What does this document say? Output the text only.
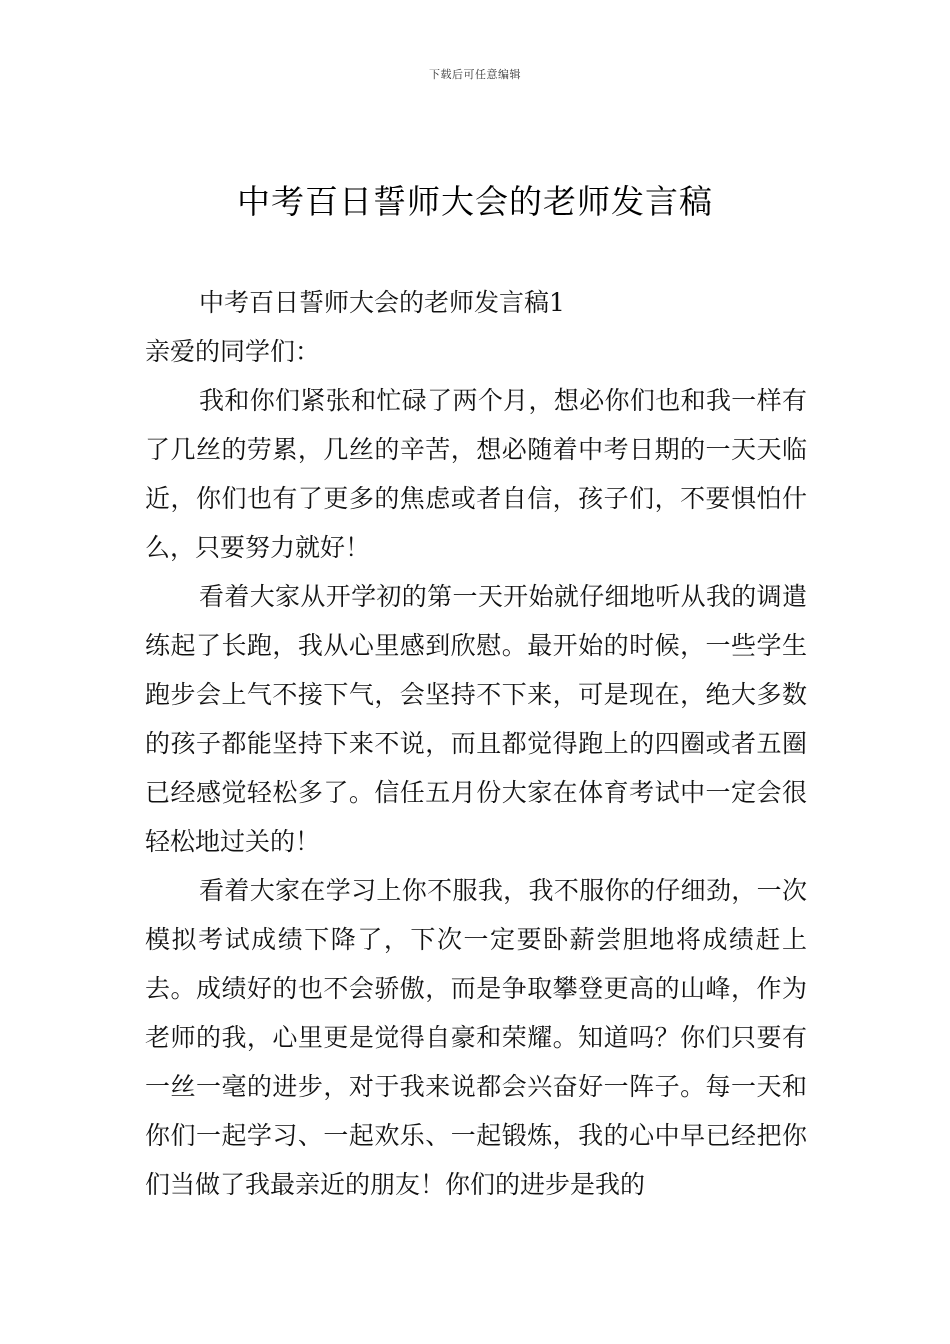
下载后可任意编辑
中考百日誓师大会的老师发言稿

中考百日誓师大会的老师发言稿1

亲爱的同学们：

我和你们紧张和忙碌了两个月，想必你们也和我一样有了几丝的劳累，几丝的辛苦，想必随着中考日期的一天天临近，你们也有了更多的焦虑或者自信，孩子们，不要惧怕什么，只要努力就好！

看着大家从开学初的第一天开始就仔细地听从我的调遣练起了长跑，我从心里感到欣慰。最开始的时候，一些学生跑步会上气不接下气，会坚持不下来，可是现在，绝大多数的孩子都能坚持下来不说，而且都觉得跑上的四圈或者五圈已经感觉轻松多了。信任五月份大家在体育考试中一定会很轻松地过关的！

看着大家在学习上你不服我，我不服你的仔细劲，一次模拟考试成绩下降了，下次一定要卧薪尝胆地将成绩赶上去。成绩好的也不会骄傲，而是争取攀登更高的山峰，作为老师的我，心里更是觉得自豪和荣耀。知道吗？你们只要有一丝一毫的进步，对于我来说都会兴奋好一阵子。每一天和你们一起学习、一起欢乐、一起锻炼，我的心中早已经把你们当做了我最亲近的朋友！你们的进步是我的
